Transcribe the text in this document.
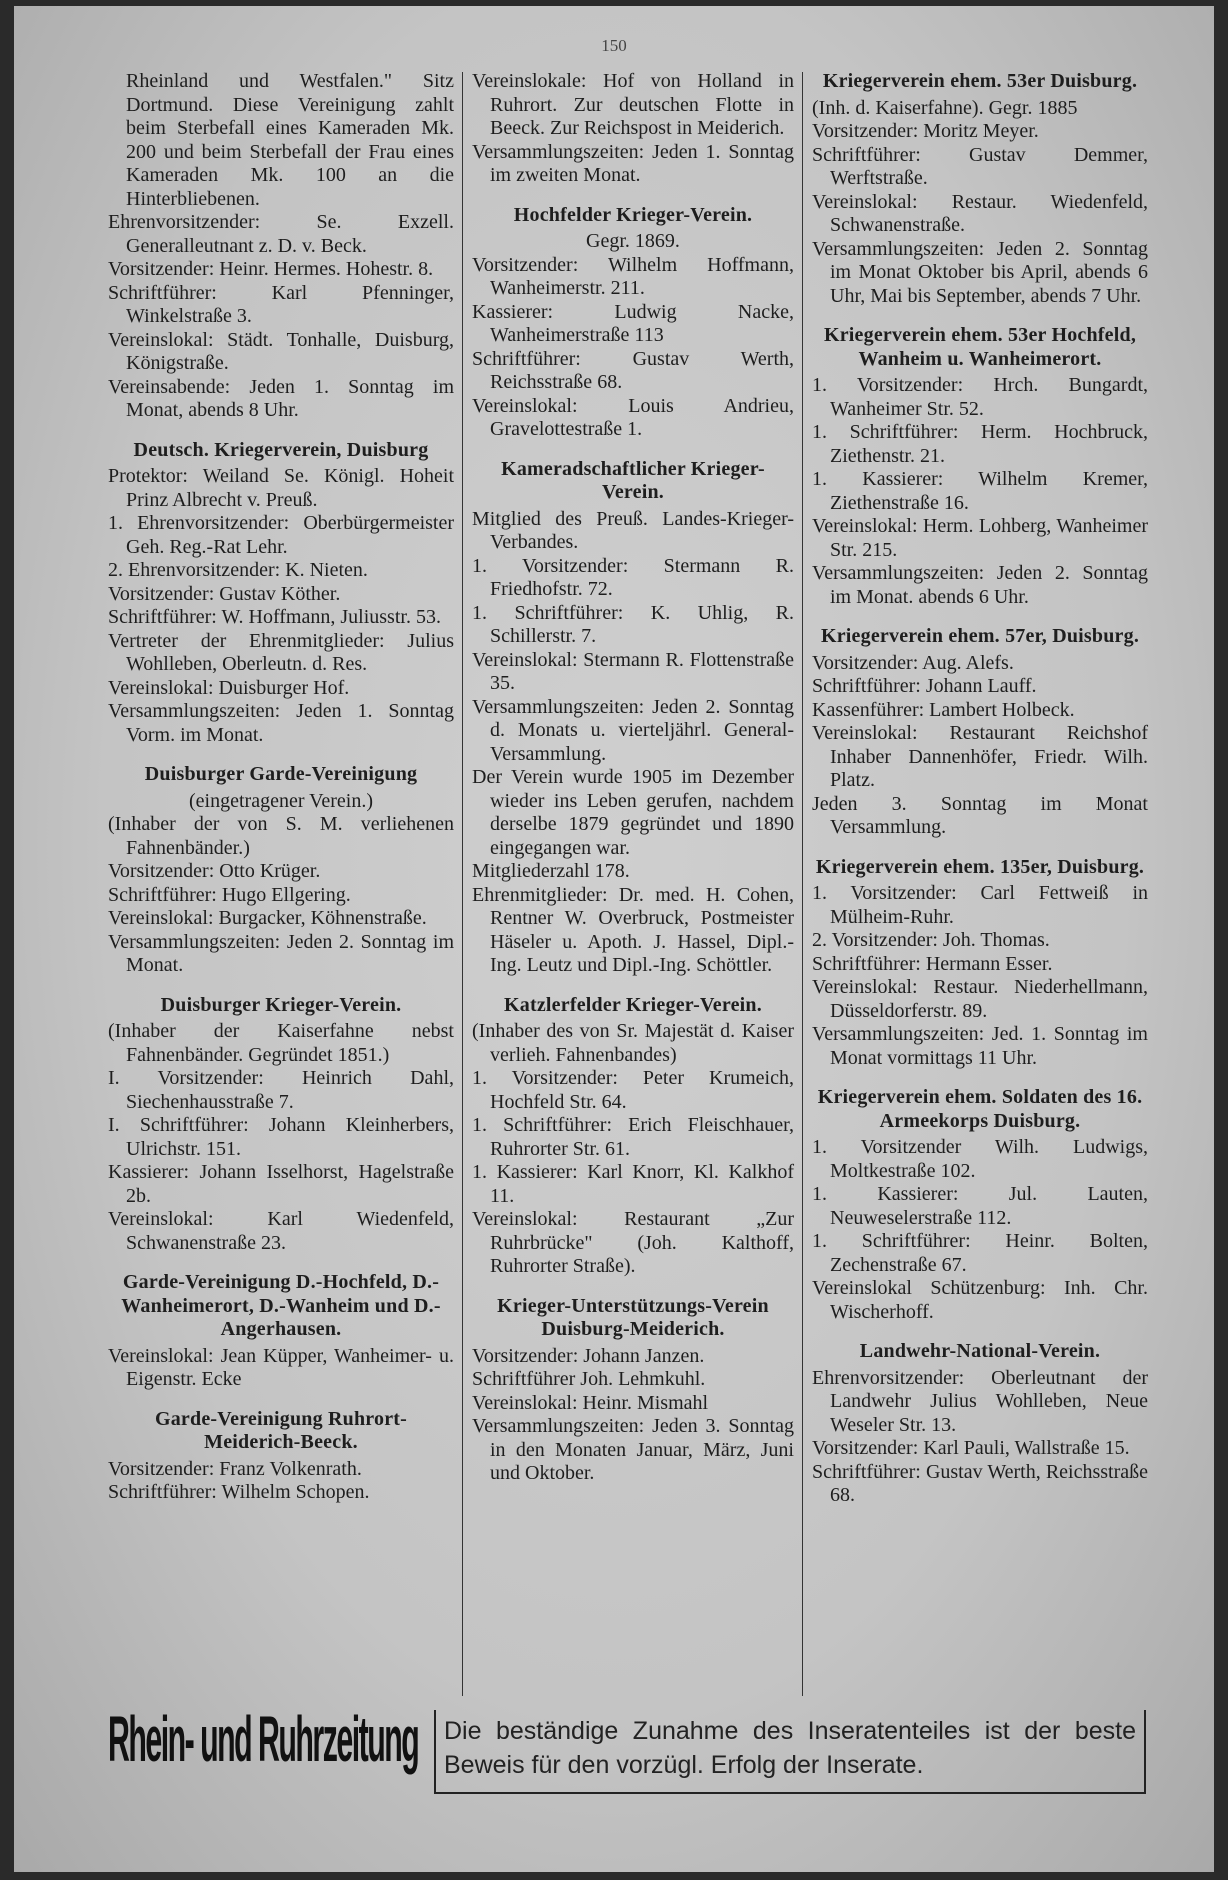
150
Rheinland und Westfalen." Sitz Dortmund. Diese Vereinigung zahlt beim Sterbefall eines Kameraden Mk. 200 und beim Sterbefall der Frau eines Kameraden Mk. 100 an die Hinterbliebenen.
Ehrenvorsitzender: Se. Exzell. Generalleutnant z. D. v. Beck.
Vorsitzender: Heinr. Hermes. Hohestr. 8.
Schriftführer: Karl Pfenninger, Winkelstraße 3.
Vereinslokal: Städt. Tonhalle, Duisburg, Königstraße.
Vereinsabende: Jeden 1. Sonntag im Monat, abends 8 Uhr.
Deutsch. Kriegerverein, Duisburg
Protektor: Weiland Se. Königl. Hoheit Prinz Albrecht v. Preuß.
1. Ehrenvorsitzender: Oberbürgermeister Geh. Reg.-Rat Lehr.
2. Ehrenvorsitzender: K. Nieten.
Vorsitzender: Gustav Köther.
Schriftführer: W. Hoffmann, Juliusstr. 53.
Vertreter der Ehrenmitglieder: Julius Wohlleben, Oberleutn. d. Res.
Vereinslokal: Duisburger Hof.
Versammlungszeiten: Jeden 1. Sonntag Vorm. im Monat.
Duisburger Garde-Vereinigung
(eingetragener Verein.)
(Inhaber der von S. M. verliehenen Fahnenbänder.)
Vorsitzender: Otto Krüger.
Schriftführer: Hugo Ellgering.
Vereinslokal: Burgacker, Köhnenstraße.
Versammlungszeiten: Jeden 2. Sonntag im Monat.
Duisburger Krieger-Verein.
(Inhaber der Kaiserfahne nebst Fahnenbänder. Gegründet 1851.)
I. Vorsitzender: Heinrich Dahl, Siechenhausstraße 7.
I. Schriftführer: Johann Kleinherbers, Ulrichstr. 151.
Kassierer: Johann Isselhorst, Hagelstraße 2b.
Vereinslokal: Karl Wiedenfeld, Schwanenstraße 23.
Garde-Vereinigung D.-Hochfeld, D.-Wanheimerort, D.-Wanheim und D.-Angerhausen.
Vereinslokal: Jean Küpper, Wanheimer- u. Eigenstr. Ecke
Garde-Vereinigung Ruhrort-Meiderich-Beeck.
Vorsitzender: Franz Volkenrath.
Schriftführer: Wilhelm Schopen.
Vereinslokale: Hof von Holland in Ruhrort. Zur deutschen Flotte in Beeck. Zur Reichspost in Meiderich.
Versammlungszeiten: Jeden 1. Sonntag im zweiten Monat.
Hochfelder Krieger-Verein.
Gegr. 1869.
Vorsitzender: Wilhelm Hoffmann, Wanheimerstr. 211.
Kassierer: Ludwig Nacke, Wanheimerstraße 113
Schriftführer: Gustav Werth, Reichsstraße 68.
Vereinslokal: Louis Andrieu, Gravelottestraße 1.
Kameradschaftlicher Krieger-Verein.
Mitglied des Preuß. Landes-Krieger-Verbandes.
1. Vorsitzender: Stermann R. Friedhofstr. 72.
1. Schriftführer: K. Uhlig, R. Schillerstr. 7.
Vereinslokal: Stermann R. Flottenstraße 35.
Versammlungszeiten: Jeden 2. Sonntag d. Monats u. vierteljährl. General-Versammlung.
Der Verein wurde 1905 im Dezember wieder ins Leben gerufen, nachdem derselbe 1879 gegründet und 1890 eingegangen war.
Mitgliederzahl 178.
Ehrenmitglieder: Dr. med. H. Cohen, Rentner W. Overbruck, Postmeister Häseler u. Apoth. J. Hassel, Dipl.-Ing. Leutz und Dipl.-Ing. Schöttler.
Katzlerfelder Krieger-Verein.
(Inhaber des von Sr. Majestät d. Kaiser verlieh. Fahnenbandes)
1. Vorsitzender: Peter Krumeich, Hochfeld Str. 64.
1. Schriftführer: Erich Fleischhauer, Ruhrorter Str. 61.
1. Kassierer: Karl Knorr, Kl. Kalkhof 11.
Vereinslokal: Restaurant „Zur Ruhrbrücke" (Joh. Kalthoff, Ruhrorter Straße).
Krieger-Unterstützungs-Verein Duisburg-Meiderich.
Vorsitzender: Johann Janzen.
Schriftführer Joh. Lehmkuhl.
Vereinslokal: Heinr. Mismahl
Versammlungszeiten: Jeden 3. Sonntag in den Monaten Januar, März, Juni und Oktober.
Kriegerverein ehem. 53er Duisburg.
(Inh. d. Kaiserfahne). Gegr. 1885
Vorsitzender: Moritz Meyer.
Schriftführer: Gustav Demmer, Werftstraße.
Vereinslokal: Restaur. Wiedenfeld, Schwanenstraße.
Versammlungszeiten: Jeden 2. Sonntag im Monat Oktober bis April, abends 6 Uhr, Mai bis September, abends 7 Uhr.
Kriegerverein ehem. 53er Hochfeld, Wanheim u. Wanheimerort.
1. Vorsitzender: Hrch. Bungardt, Wanheimer Str. 52.
1. Schriftführer: Herm. Hochbruck, Ziethenstr. 21.
1. Kassierer: Wilhelm Kremer, Ziethenstraße 16.
Vereinslokal: Herm. Lohberg, Wanheimer Str. 215.
Versammlungszeiten: Jeden 2. Sonntag im Monat. abends 6 Uhr.
Kriegerverein ehem. 57er, Duisburg.
Vorsitzender: Aug. Alefs.
Schriftführer: Johann Lauff.
Kassenführer: Lambert Holbeck.
Vereinslokal: Restaurant Reichshof Inhaber Dannenhöfer, Friedr. Wilh. Platz.
Jeden 3. Sonntag im Monat Versammlung.
Kriegerverein ehem. 135er, Duisburg.
1. Vorsitzender: Carl Fettweiß in Mülheim-Ruhr.
2. Vorsitzender: Joh. Thomas.
Schriftführer: Hermann Esser.
Vereinslokal: Restaur. Niederhellmann, Düsseldorferstr. 89.
Versammlungszeiten: Jed. 1. Sonntag im Monat vormittags 11 Uhr.
Kriegerverein ehem. Soldaten des 16. Armeekorps Duisburg.
1. Vorsitzender Wilh. Ludwigs, Moltkestraße 102.
1. Kassierer: Jul. Lauten, Neuweselerstraße 112.
1. Schriftführer: Heinr. Bolten, Zechenstraße 67.
Vereinslokal Schützenburg: Inh. Chr. Wischerhoff.
Landwehr-National-Verein.
Ehrenvorsitzender: Oberleutnant der Landwehr Julius Wohlleben, Neue Weseler Str. 13.
Vorsitzender: Karl Pauli, Wallstraße 15.
Schriftführer: Gustav Werth, Reichsstraße 68.
Rhein- und Ruhrzeitung	Die beständige Zunahme des Inseratenteiles ist der beste Beweis für den vorzügl. Erfolg der Inserate.
